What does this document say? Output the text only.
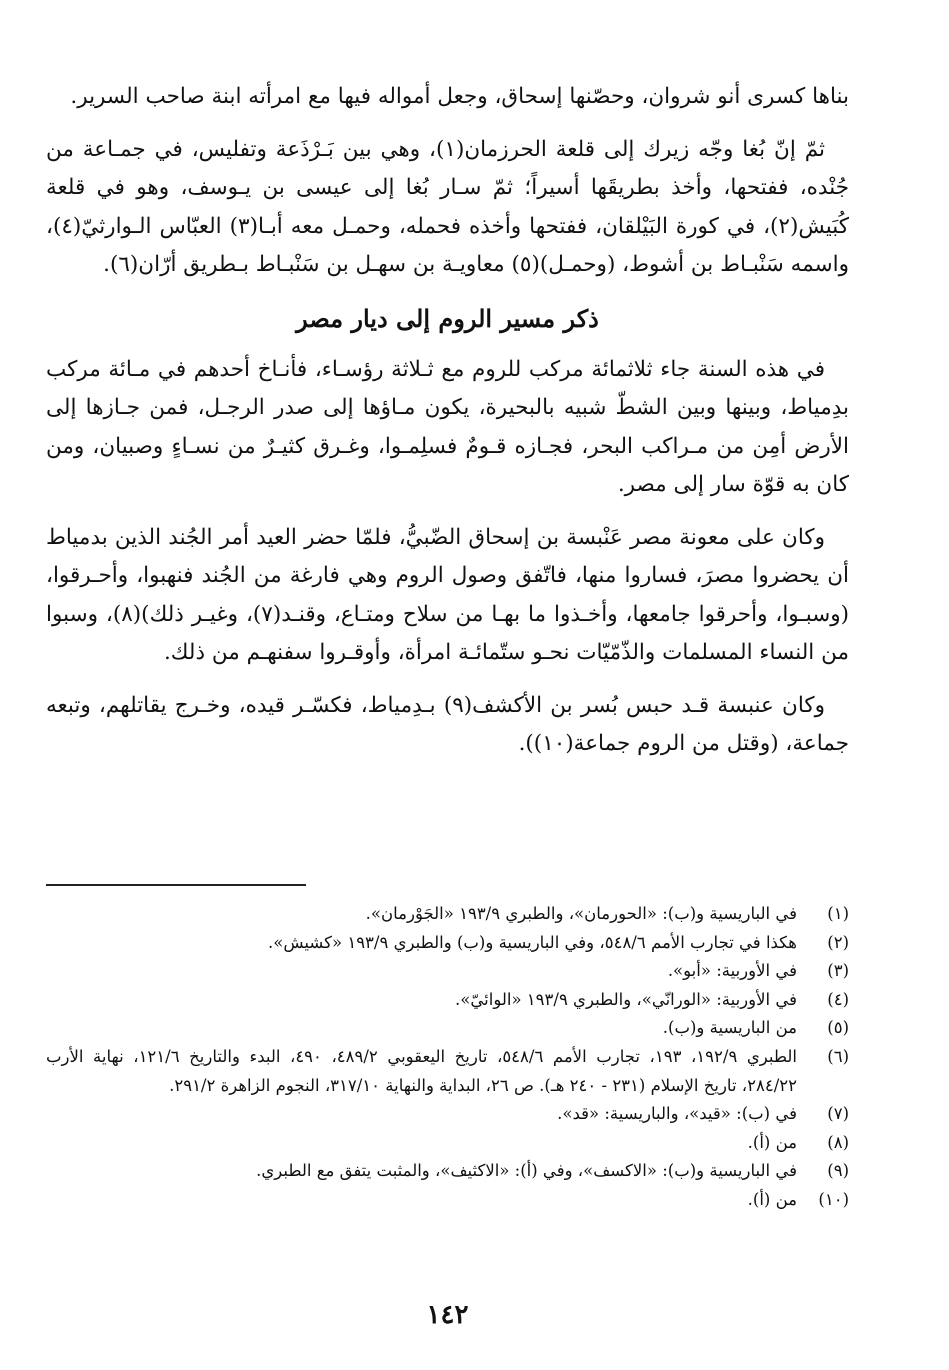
بناها كسرى أنو شروان، وحصّنها إسحاق، وجعل أمواله فيها مع امرأته ابنة صاحب السرير.

ثمّ إنّ بُغا وجّه زيرك إلى قلعة الحرزمان(١)، وهي بين بَـرْذَعة وتفليس، في جمـاعة من جُنْده، ففتحها، وأخذ بطريقَها أسيراً؛ ثمّ سـار بُغا إلى عيسى بن يـوسف، وهو في قلعة كُبَيش(٢)، في كورة البَيْلقان، ففتحها وأخذه فحمله، وحمـل معه أبـا(٣) العبّاس الـوارثيّ(٤)، واسمه سَنْبـاط بن أشوط، (وحمـل)(٥) معاويـة بن سهـل بن سَنْبـاط بـطريق أرّان(٦).

ذكر مسير الروم إلى ديار مصر

في هذه السنة جاء ثلاثمائة مركب للروم مع ثـلاثة رؤسـاء، فأنـاخ أحدهم في مـائة مركب بدِمياط، وبينها وبين الشطّ شبيه بالبحيرة، يكون مـاؤها إلى صدر الرجـل، فمن جـازها إلى الأرض أمِن من مـراكب البحر، فجـازه قـومٌ فسلِمـوا، وغـرق كثيـرٌ من نسـاءٍ وصبيان، ومن كان به قوّة سار إلى مصر.

وكان على معونة مصر عَنْبسة بن إسحاق الضّبيُّ، فلمّا حضر العيد أمر الجُند الذين بدمياط أن يحضروا مصرَ، فساروا منها، فاتّفق وصول الروم وهي فارغة من الجُند فنهبوا، وأحـرقوا، (وسبـوا، وأحرقوا جامعها، وأخـذوا ما بهـا من سلاح ومتـاع، وقنـد(٧)، وغيـر ذلك)(٨)، وسبوا من النساء المسلمات والذّمّيّات نحـو ستّمائـة امرأة، وأوقـروا سفنهـم من ذلك.

وكان عنبسة قـد حبس بُسر بن الأكشف(٩) بـدِمياط، فكسّـر قيده، وخـرج يقاتلهم، وتبعه جماعة، (وقتل من الروم جماعة(١٠)).

(١)
في الباريسية و(ب): «الحورمان»، والطبري ١٩٣/٩ «الجَوْرمان».
(٢)
هكذا في تجارب الأمم ٥٤٨/٦، وفي الباريسية و(ب) والطبري ١٩٣/٩ «كشيش».
(٣)
في الأوربية: «أبو».
(٤)
في الأوربية: «الورانّي»، والطبري ١٩٣/٩ «الوائيّ».
(٥)
من الباريسية و(ب).
(٦)
الطبري ١٩٢/٩، ١٩٣، تجارب الأمم ٥٤٨/٦، تاريخ اليعقوبي ٤٨٩/٢، ٤٩٠، البدء والتاريخ ١٢١/٦، نهاية الأرب ٢٨٤/٢٢، تاريخ الإسلام (٢٣١ - ٢٤٠ هـ). ص ٢٦، البداية والنهاية ٣١٧/١٠، النجوم الزاهرة ٢٩١/٢.
(٧)
في (ب): «قيد»، والباريسية: «قد».
(٨)
من (أ).
(٩)
في الباريسية و(ب): «الاكسف»، وفي (أ): «الاكثيف»، والمثبت يتفق مع الطبري.
(١٠)
من (أ).
١٤٢
